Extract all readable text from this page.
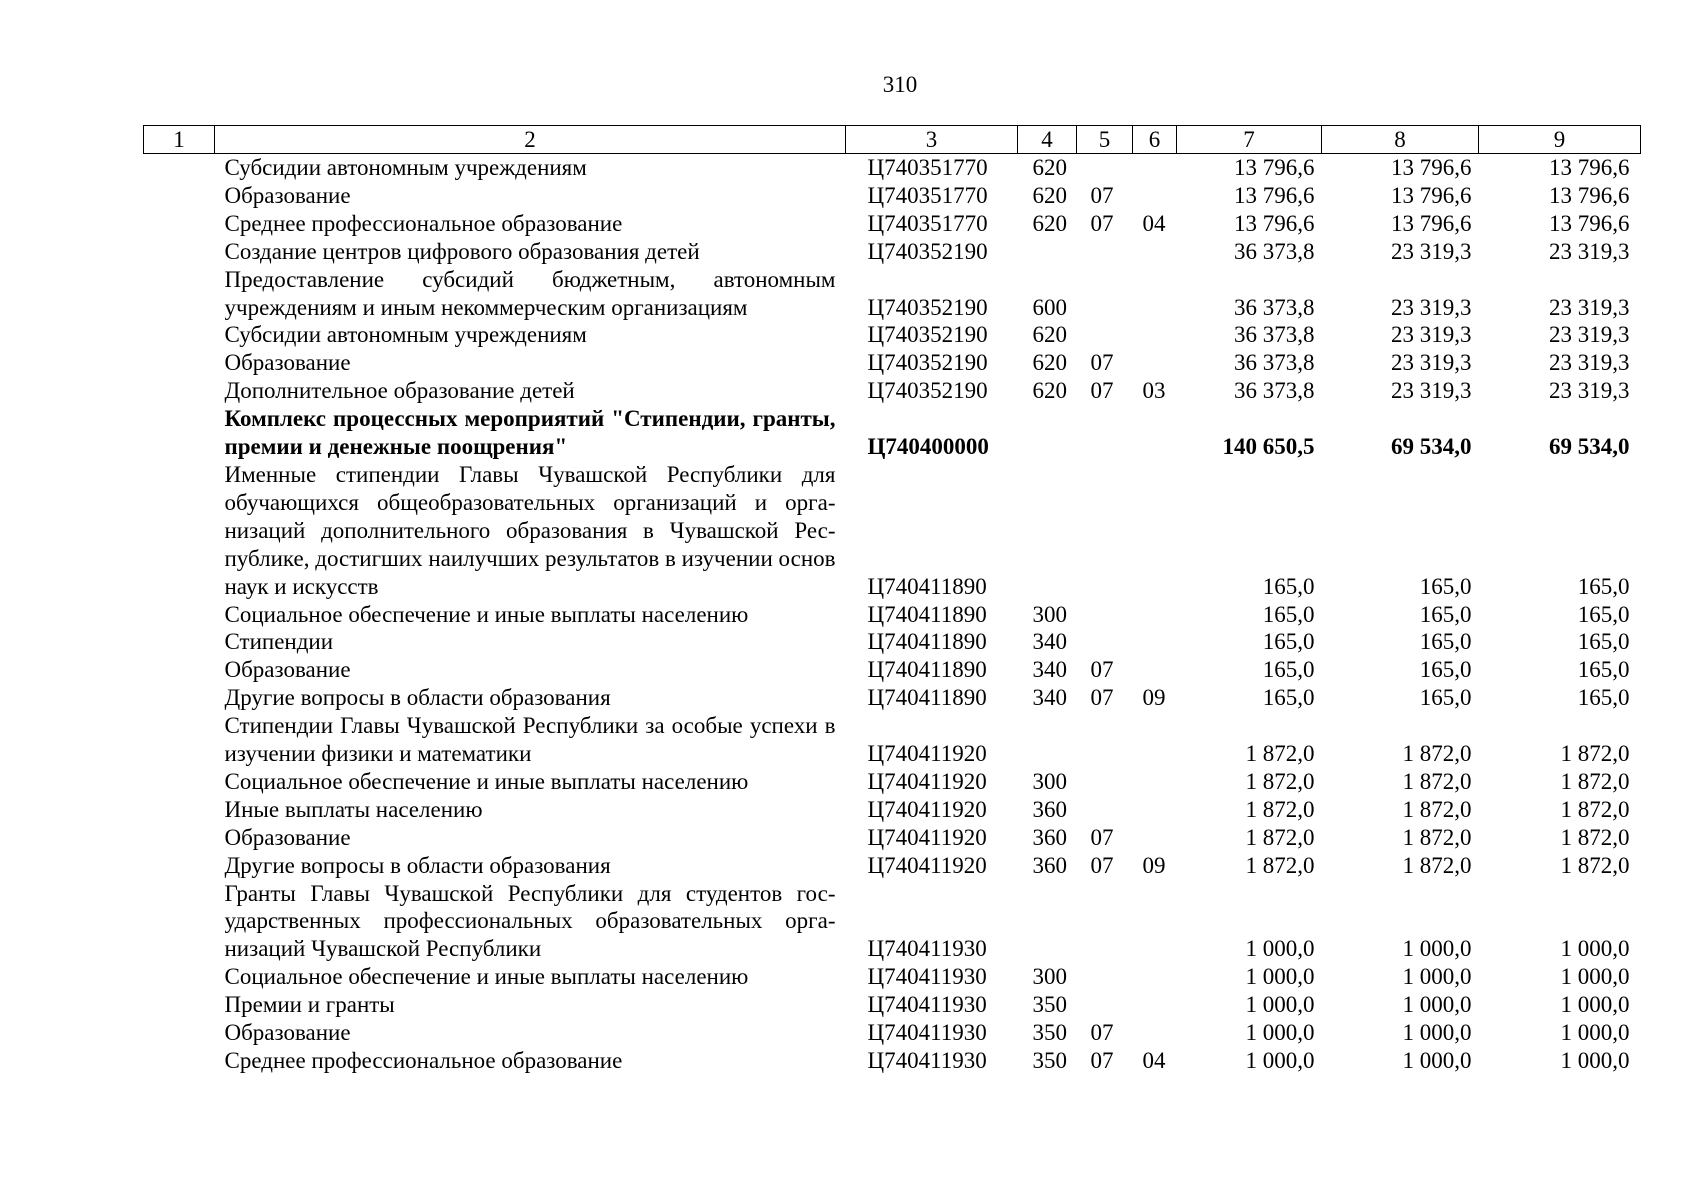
310
1	2	3	4	5	6	7	8	9
	Субсидии автономным учреждениям	Ц740351770	620			13 796,6	13 796,6	13 796,6
	Образование	Ц740351770	620	07		13 796,6	13 796,6	13 796,6
	Среднее профессиональное образование	Ц740351770	620	07	04	13 796,6	13 796,6	13 796,6
	Создание центров цифрового образования детей	Ц740352190				36 373,8	23 319,3	23 319,3
	Предоставление субсидий бюджетным, автономным учреждениям и иным некоммерческим организациям	Ц740352190	600			36 373,8	23 319,3	23 319,3
	Субсидии автономным учреждениям	Ц740352190	620			36 373,8	23 319,3	23 319,3
	Образование	Ц740352190	620	07		36 373,8	23 319,3	23 319,3
	Дополнительное образование детей	Ц740352190	620	07	03	36 373,8	23 319,3	23 319,3
	Комплекс процессных мероприятий "Стипендии, гранты, премии и денежные поощрения"	Ц740400000				140 650,5	69 534,0	69 534,0
	Именные стипендии Главы Чувашской Республики для обучающихся общеобразовательных организаций и организаций дополнительного образования в Чувашской Республике, достигших наилучших результатов в изучении основ наук и искусств	Ц740411890				165,0	165,0	165,0
	Социальное обеспечение и иные выплаты населению	Ц740411890	300			165,0	165,0	165,0
	Стипендии	Ц740411890	340			165,0	165,0	165,0
	Образование	Ц740411890	340	07		165,0	165,0	165,0
	Другие вопросы в области образования	Ц740411890	340	07	09	165,0	165,0	165,0
	Стипендии Главы Чувашской Республики за особые успехи в изучении физики и математики	Ц740411920				1 872,0	1 872,0	1 872,0
	Социальное обеспечение и иные выплаты населению	Ц740411920	300			1 872,0	1 872,0	1 872,0
	Иные выплаты населению	Ц740411920	360			1 872,0	1 872,0	1 872,0
	Образование	Ц740411920	360	07		1 872,0	1 872,0	1 872,0
	Другие вопросы в области образования	Ц740411920	360	07	09	1 872,0	1 872,0	1 872,0
	Гранты Главы Чувашской Республики для студентов государственных профессиональных образовательных организаций Чувашской Республики	Ц740411930				1 000,0	1 000,0	1 000,0
	Социальное обеспечение и иные выплаты населению	Ц740411930	300			1 000,0	1 000,0	1 000,0
	Премии и гранты	Ц740411930	350			1 000,0	1 000,0	1 000,0
	Образование	Ц740411930	350	07		1 000,0	1 000,0	1 000,0
	Среднее профессиональное образование	Ц740411930	350	07	04	1 000,0	1 000,0	1 000,0
